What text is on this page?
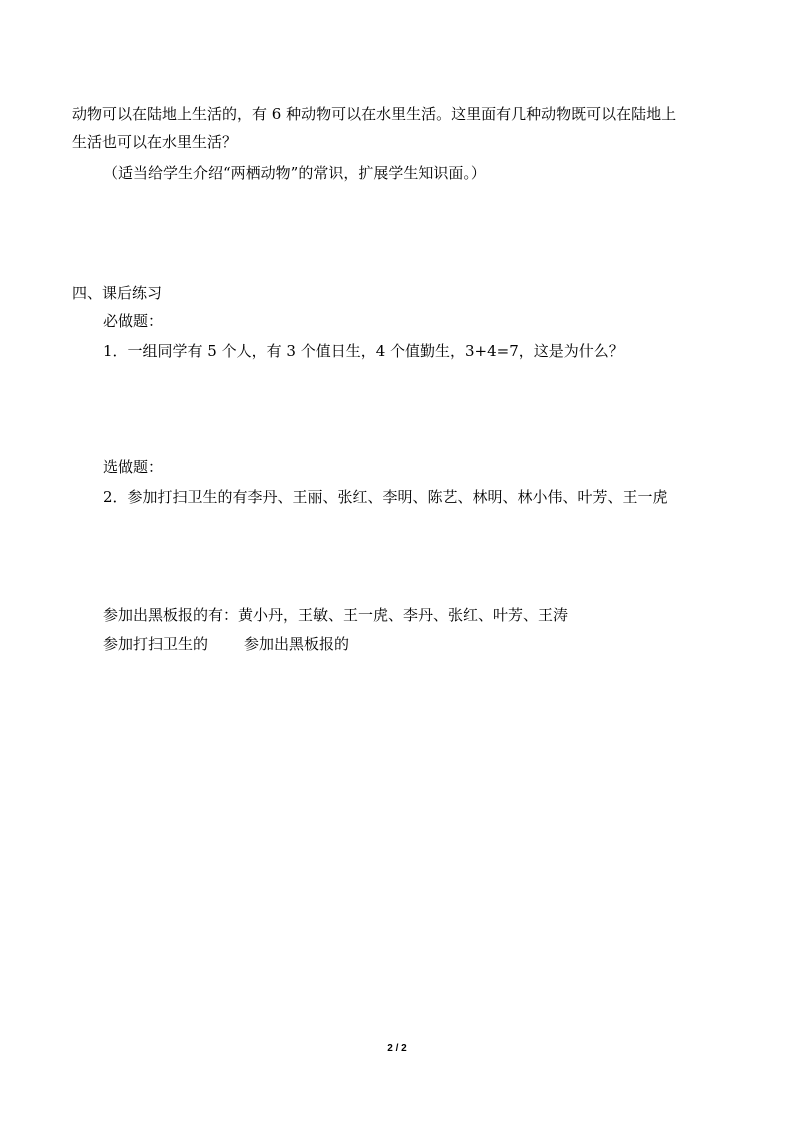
动物可以在陆地上生活的，有 6 种动物可以在水里生活。这里面有几种动物既可以在陆地上
生活也可以在水里生活？
（适当给学生介绍“两栖动物”的常识，扩展学生知识面。）
四、课后练习
必做题：
1．一组同学有 5 个人，有 3 个值日生，4 个值勤生，3+4=7，这是为什么？
选做题：
2．参加打扫卫生的有李丹、王丽、张红、李明、陈艺、林明、林小伟、叶芳、王一虎
参加出黑板报的有：黄小丹，王敏、王一虎、李丹、张红、叶芳、王涛
参加打扫卫生的 参加出黑板报的
2 / 2
